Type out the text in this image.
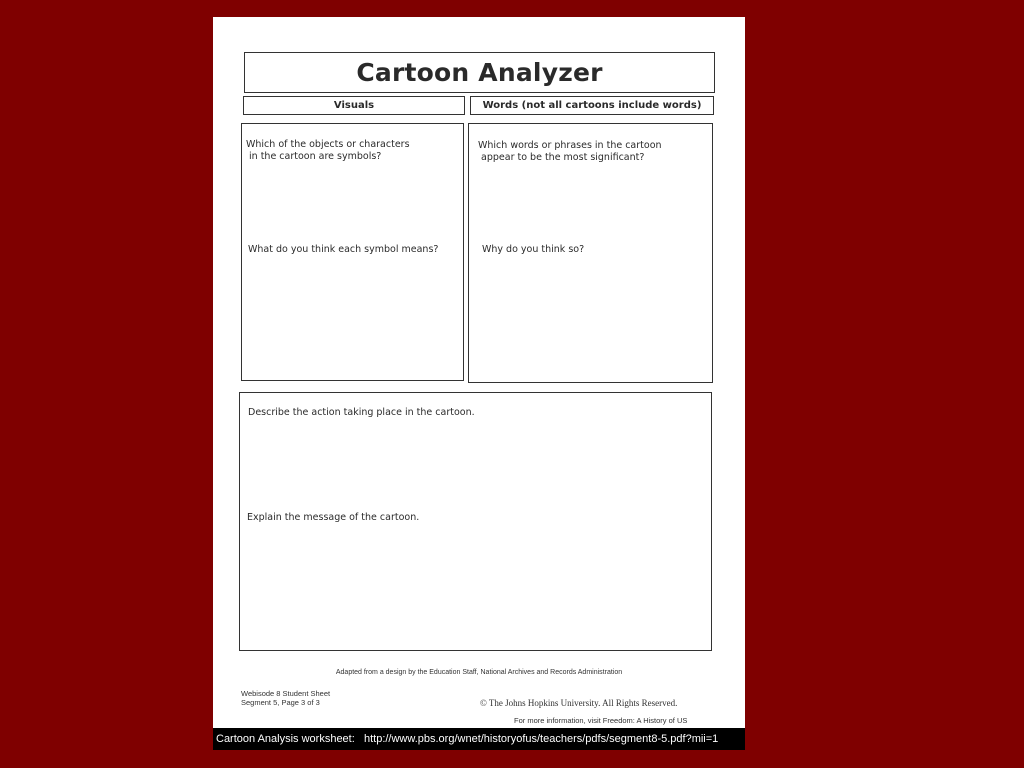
Cartoon Analyzer
Visuals	Words (not all cartoons include words)
Which of the objects or characters
in the cartoon are symbols?
What do you think each symbol means?
Which words or phrases in the cartoon
appear to be the most significant?
Why do you think so?
Describe the action taking place in the cartoon.
Explain the message of the cartoon.
Adapted from a design by the Education Staff, National Archives and Records Administration
Webisode 8 Student Sheet
Segment 5, Page 3 of 3	© The Johns Hopkins University. All Rights Reserved.
For more information, visit Freedom: A History of US
Cartoon Analysis worksheet:
http://www.pbs.org/wnet/historyofus/teachers/pdfs/segment8-5.pdf?mii=1
